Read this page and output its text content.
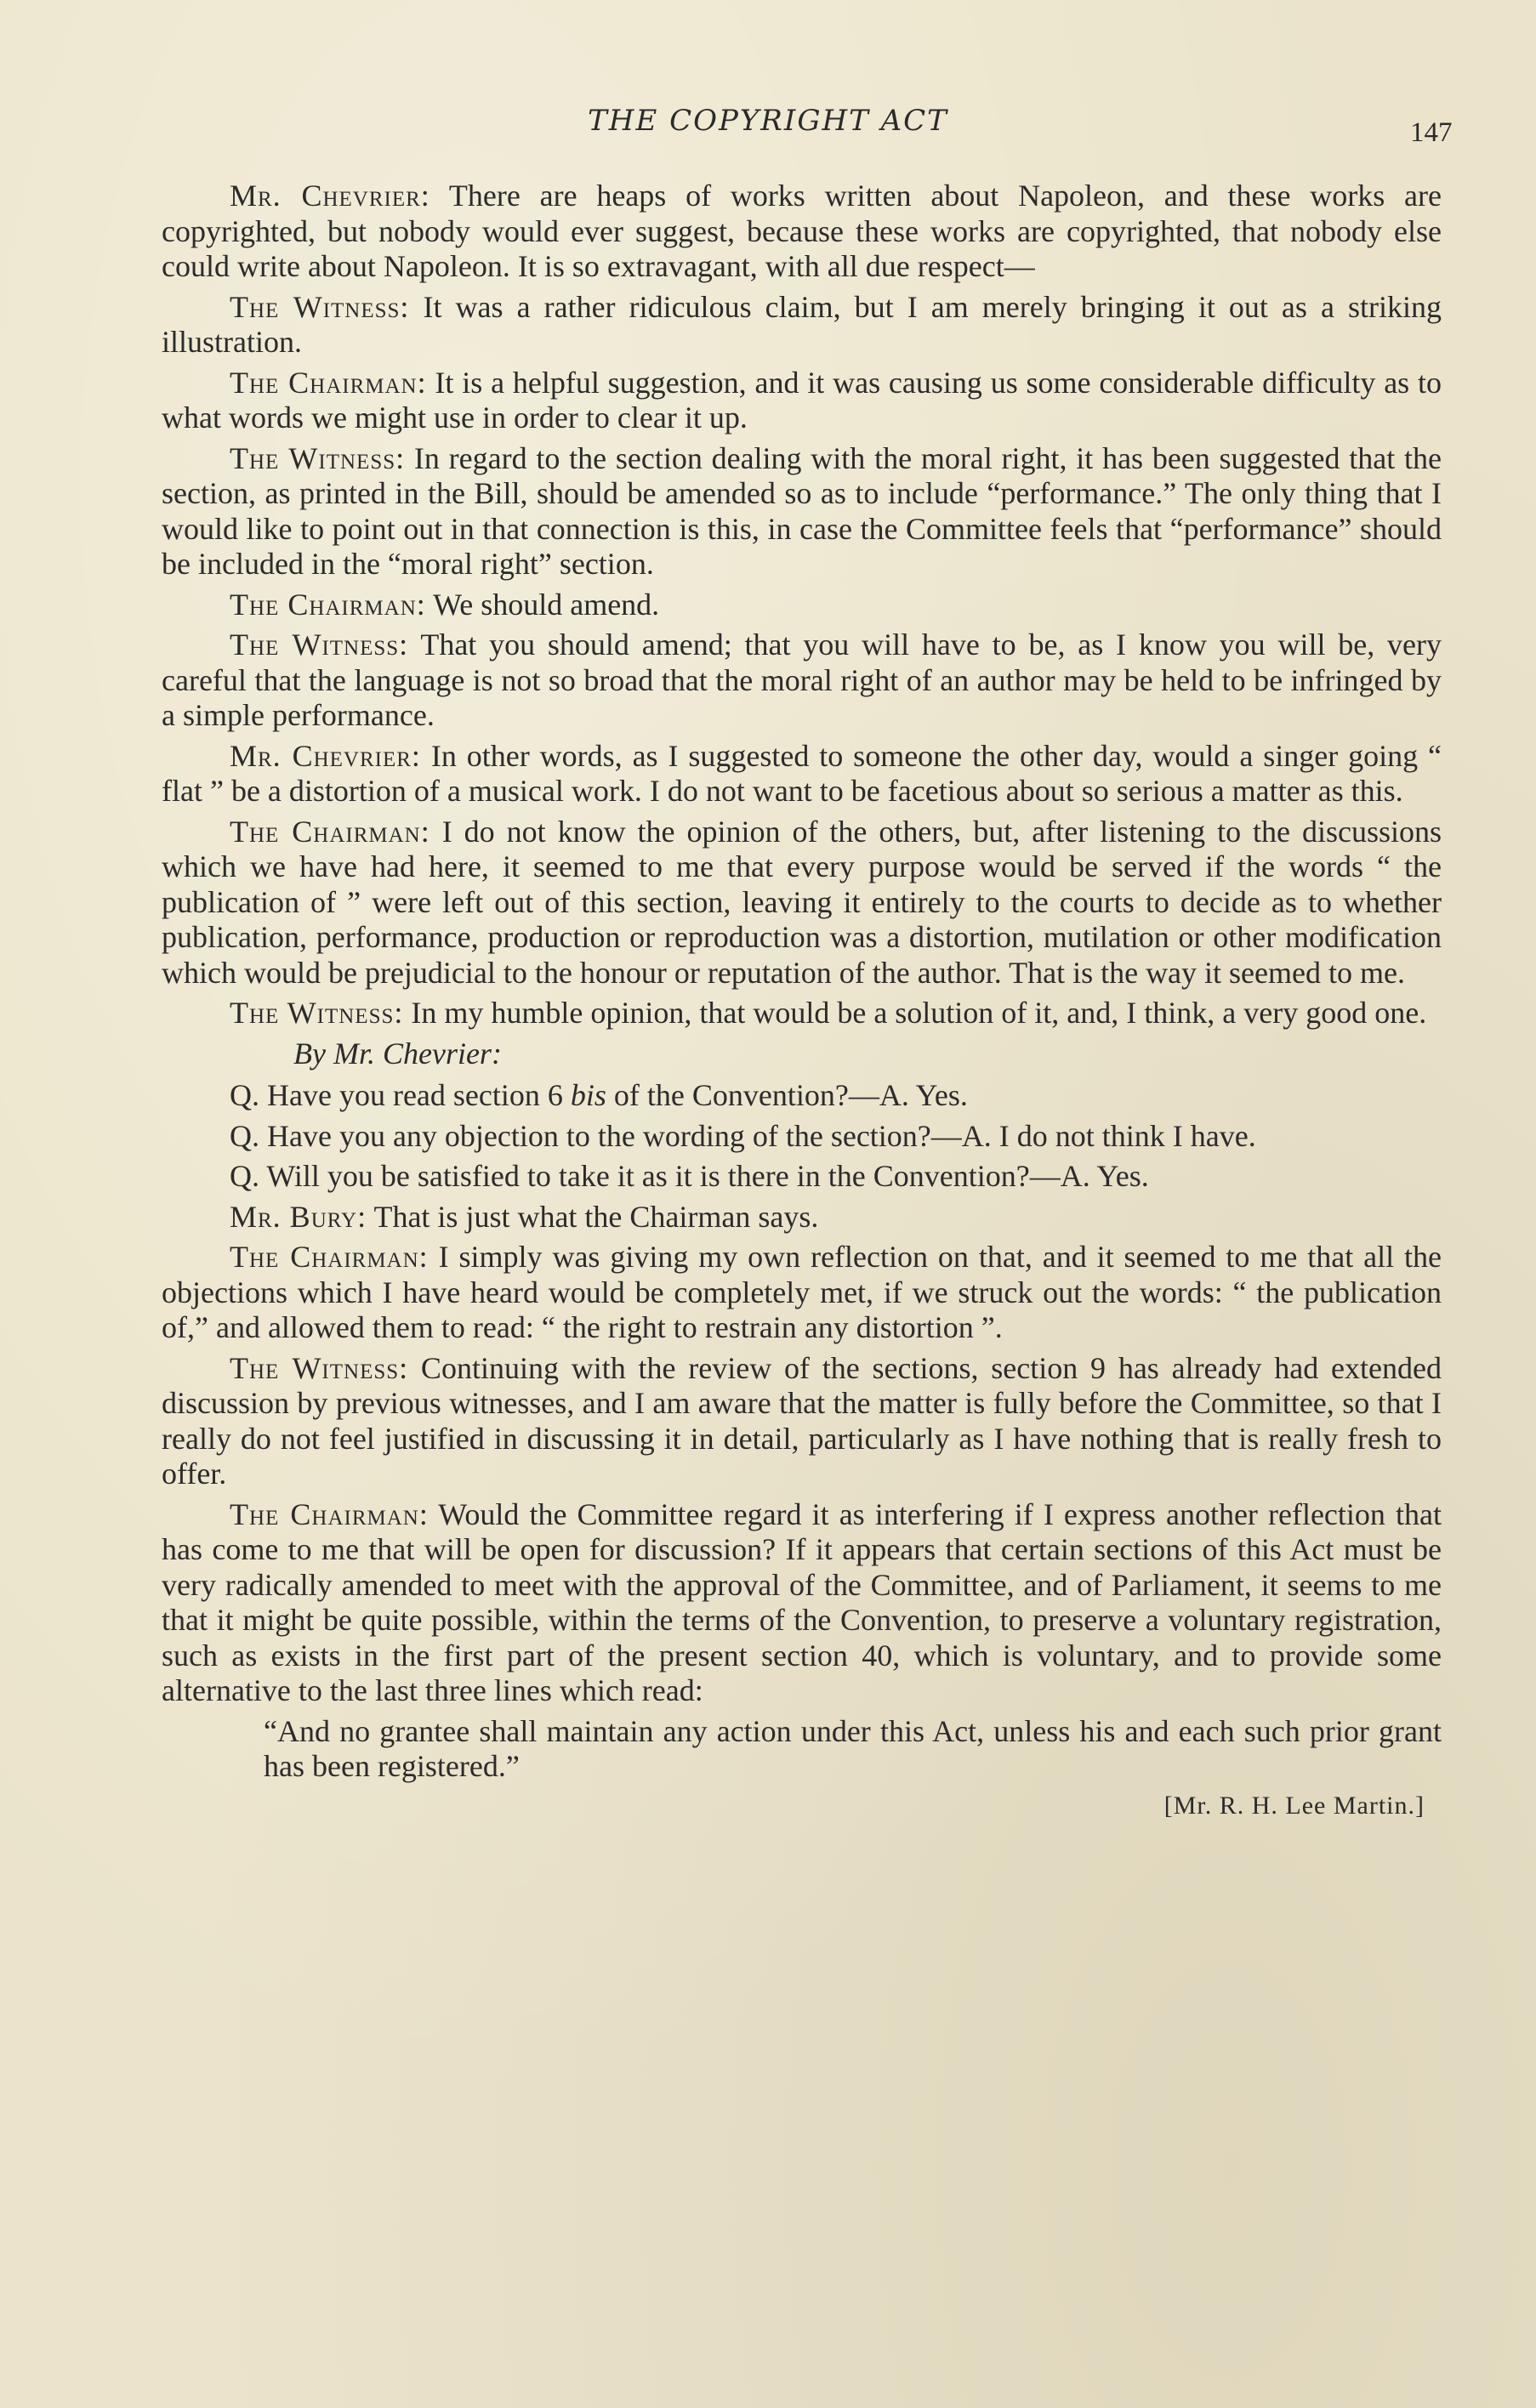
THE COPYRIGHT ACT	147

Mr. Chevrier: There are heaps of works written about Napoleon, and these works are copyrighted, but nobody would ever suggest, because these works are copyrighted, that nobody else could write about Napoleon. It is so extravagant, with all due respect—

The Witness: It was a rather ridiculous claim, but I am merely bringing it out as a striking illustration.

The Chairman: It is a helpful suggestion, and it was causing us some considerable difficulty as to what words we might use in order to clear it up.

The Witness: In regard to the section dealing with the moral right, it has been suggested that the section, as printed in the Bill, should be amended so as to include “performance.” The only thing that I would like to point out in that connection is this, in case the Committee feels that “performance” should be included in the “moral right” section.

The Chairman: We should amend.

The Witness: That you should amend; that you will have to be, as I know you will be, very careful that the language is not so broad that the moral right of an author may be held to be infringed by a simple performance.

Mr. Chevrier: In other words, as I suggested to someone the other day, would a singer going “ flat ” be a distortion of a musical work. I do not want to be facetious about so serious a matter as this.

The Chairman: I do not know the opinion of the others, but, after listening to the discussions which we have had here, it seemed to me that every purpose would be served if the words “ the publication of ” were left out of this section, leaving it entirely to the courts to decide as to whether publication, performance, production or reproduction was a distortion, mutilation or other modification which would be prejudicial to the honour or reputation of the author. That is the way it seemed to me.

The Witness: In my humble opinion, that would be a solution of it, and, I think, a very good one.

By Mr. Chevrier:

Q. Have you read section 6 bis of the Convention?—A. Yes.

Q. Have you any objection to the wording of the section?—A. I do not think I have.

Q. Will you be satisfied to take it as it is there in the Convention?—A. Yes.

Mr. Bury: That is just what the Chairman says.

The Chairman: I simply was giving my own reflection on that, and it seemed to me that all the objections which I have heard would be completely met, if we struck out the words: “ the publication of,” and allowed them to read: “ the right to restrain any distortion ”.

The Witness: Continuing with the review of the sections, section 9 has already had extended discussion by previous witnesses, and I am aware that the matter is fully before the Committee, so that I really do not feel justified in discussing it in detail, particularly as I have nothing that is really fresh to offer.

The Chairman: Would the Committee regard it as interfering if I express another reflection that has come to me that will be open for discussion? If it appears that certain sections of this Act must be very radically amended to meet with the approval of the Committee, and of Parliament, it seems to me that it might be quite possible, within the terms of the Convention, to preserve a voluntary registration, such as exists in the first part of the present section 40, which is voluntary, and to provide some alternative to the last three lines which read:

“And no grantee shall maintain any action under this Act, unless his and each such prior grant has been registered.”
[Mr. R. H. Lee Martin.]
